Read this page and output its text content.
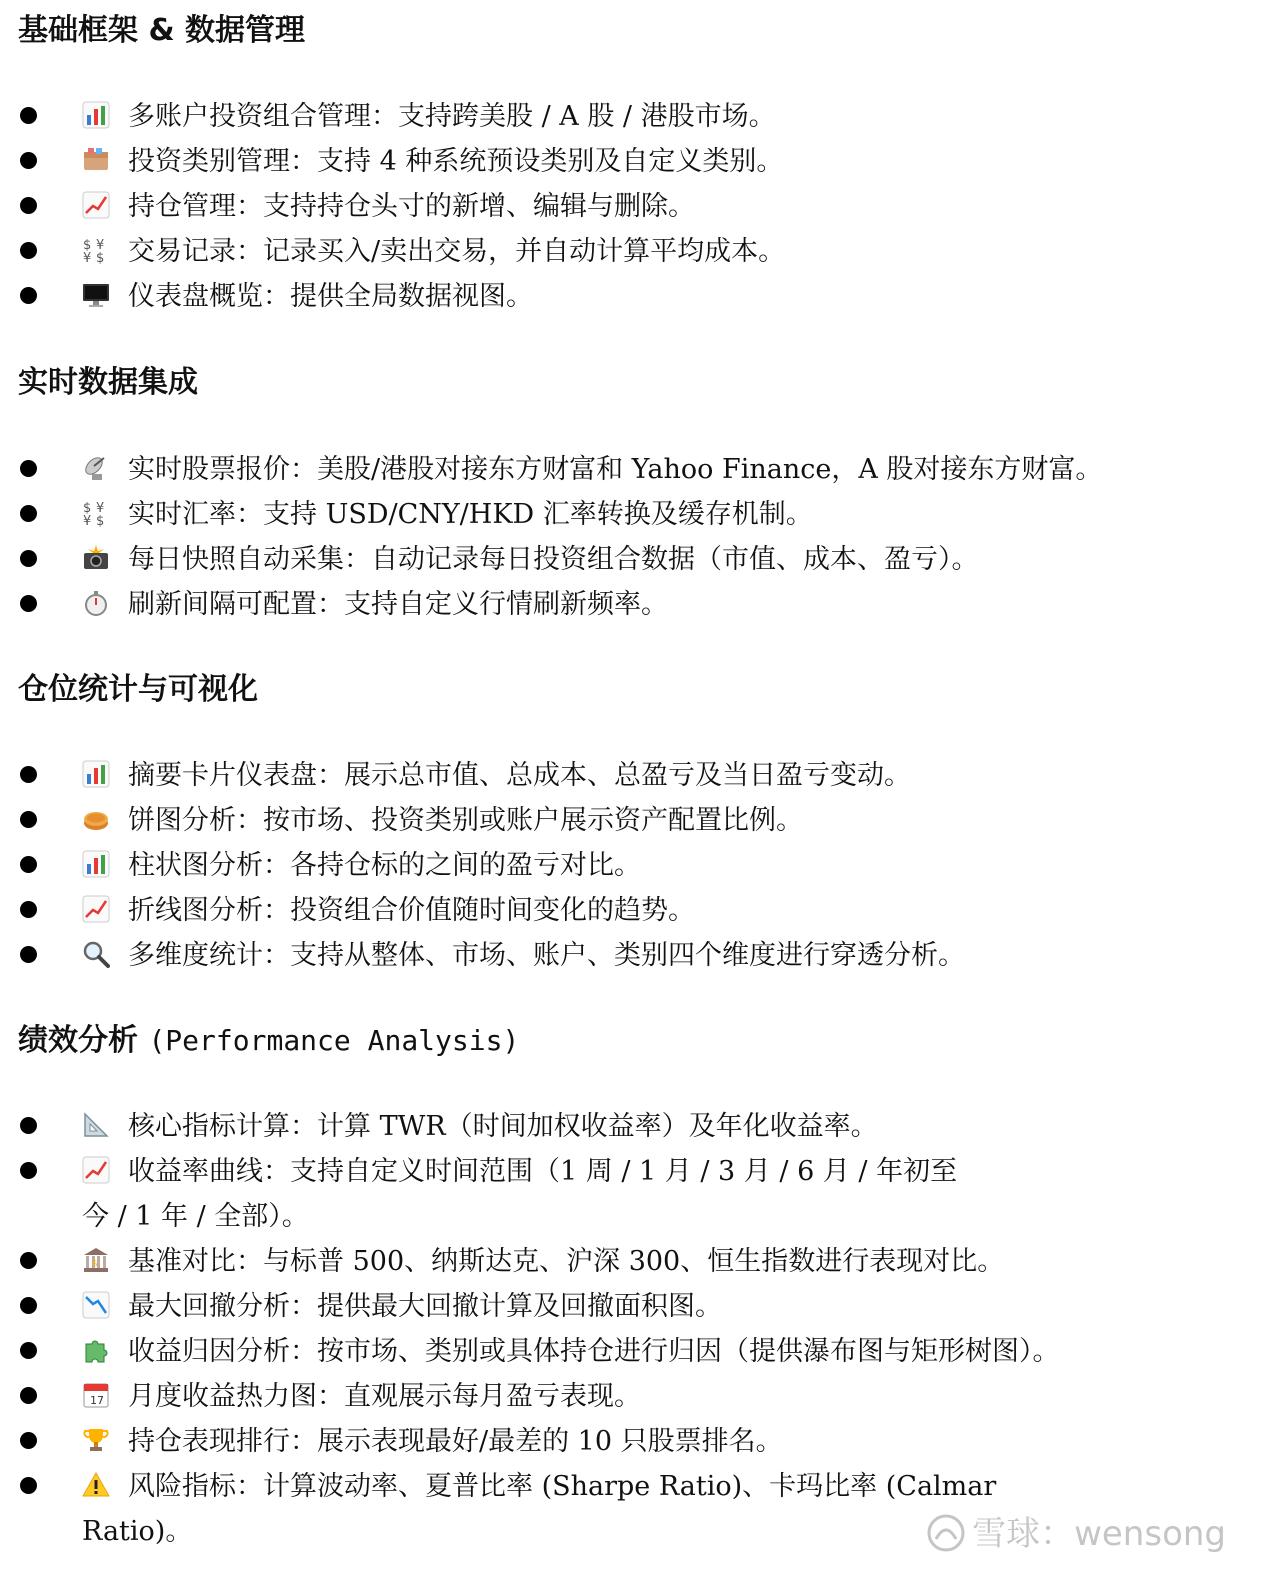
基础框架 & 数据管理
多账户投资组合管理：支持跨美股 / A 股 / 港股市场。
投资类别管理：支持 4 种系统预设类别及自定义类别。
持仓管理：支持持仓头寸的新增、编辑与删除。
$ ¥
¥ $ 交易记录：记录买入/卖出交易，并自动计算平均成本。
仪表盘概览：提供全局数据视图。
实时数据集成
实时股票报价：美股/港股对接东方财富和 Yahoo Finance，A 股对接东方财富。
$ ¥
¥ $ 实时汇率：支持 USD/CNY/HKD 汇率转换及缓存机制。
每日快照自动采集：自动记录每日投资组合数据（市值、成本、盈亏）。
刷新间隔可配置：支持自定义行情刷新频率。
仓位统计与可视化
摘要卡片仪表盘：展示总市值、总成本、总盈亏及当日盈亏变动。
饼图分析：按市场、投资类别或账户展示资产配置比例。
柱状图分析：各持仓标的之间的盈亏对比。
折线图分析：投资组合价值随时间变化的趋势。
多维度统计：支持从整体、市场、账户、类别四个维度进行穿透分析。
绩效分析 (Performance Analysis)
核心指标计算：计算 TWR（时间加权收益率）及年化收益率。
收益率曲线：支持自定义时间范围（1 周 / 1 月 / 3 月 / 6 月 / 年初至
今 / 1 年 / 全部）。
$ 基准对比：与标普 500、纳斯达克、沪深 300、恒生指数进行表现对比。
最大回撤分析：提供最大回撤计算及回撤面积图。
收益归因分析：按市场、类别或具体持仓进行归因（提供瀑布图与矩形树图）。
17 月度收益热力图：直观展示每月盈亏表现。
持仓表现排行：展示表现最好/最差的 10 只股票排名。
风险指标：计算波动率、夏普比率 (Sharpe Ratio)、卡玛比率 (Calmar
Ratio)。	雪球：wensong
